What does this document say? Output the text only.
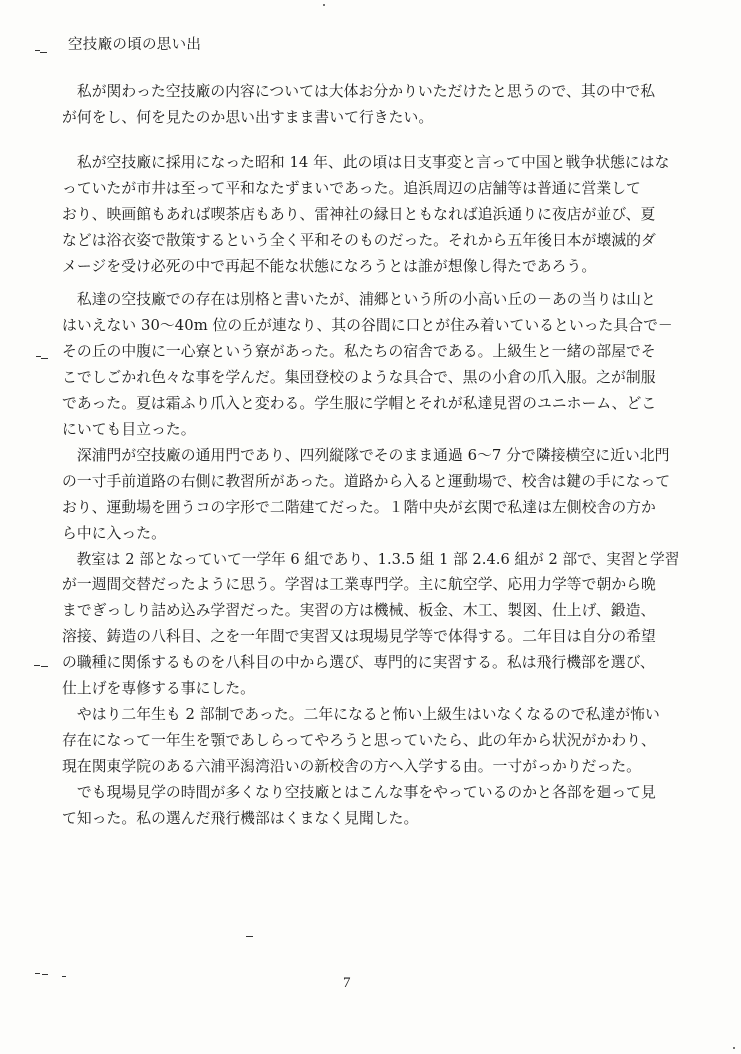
空技廠の頃の思い出
　私が関わった空技廠の内容については大体お分かりいただけたと思うので、其の中で私
が何をし、何を見たのか思い出すまま書いて行きたい。
　私が空技廠に採用になった昭和 14 年、此の頃は日支事変と言って中国と戦争状態にはな
っていたが市井は至って平和なたずまいであった。追浜周辺の店舗等は普通に営業して
おり、映画館もあれば喫茶店もあり、雷神社の縁日ともなれば追浜通りに夜店が並び、夏
などは浴衣姿で散策するという全く平和そのものだった。それから五年後日本が壊滅的ダ
メージを受け必死の中で再起不能な状態になろうとは誰が想像し得たであろう。
　私達の空技廠での存在は別格と書いたが、浦郷という所の小高い丘の－あの当りは山と
はいえない 30～40m 位の丘が連なり、其の谷間に口とが住み着いているといった具合で－
その丘の中腹に一心寮という寮があった。私たちの宿舎である。上級生と一緒の部屋でそ
こでしごかれ色々な事を学んだ。集団登校のような具合で、黒の小倉の爪入服。之が制服
であった。夏は霜ふり爪入と変わる。学生服に学帽とそれが私達見習のユニホーム、どこ
にいても目立った。
　深浦門が空技廠の通用門であり、四列縦隊でそのまま通過 6～7 分で隣接横空に近い北門
の一寸手前道路の右側に教習所があった。道路から入ると運動場で、校舎は鍵の手になって
おり、運動場を囲うコの字形で二階建てだった。１階中央が玄関で私達は左側校舎の方か
ら中に入った。
　教室は 2 部となっていて一学年 6 組であり、1.3.5 組 1 部 2.4.6 組が 2 部で、実習と学習
が一週間交替だったように思う。学習は工業専門学。主に航空学、応用力学等で朝から晩
までぎっしり詰め込み学習だった。実習の方は機械、板金、木工、製図、仕上げ、鍛造、
溶接、鋳造の八科目、之を一年間で実習又は現場見学等で体得する。二年目は自分の希望
の職種に関係するものを八科目の中から選び、専門的に実習する。私は飛行機部を選び、
仕上げを専修する事にした。
　やはり二年生も 2 部制であった。二年になると怖い上級生はいなくなるので私達が怖い
存在になって一年生を顎であしらってやろうと思っていたら、此の年から状況がかわり、
現在関東学院のある六浦平潟湾沿いの新校舎の方へ入学する由。一寸がっかりだった。
　でも現場見学の時間が多くなり空技廠とはこんな事をやっているのかと各部を廻って見
て知った。私の選んだ飛行機部はくまなく見聞した。
7
